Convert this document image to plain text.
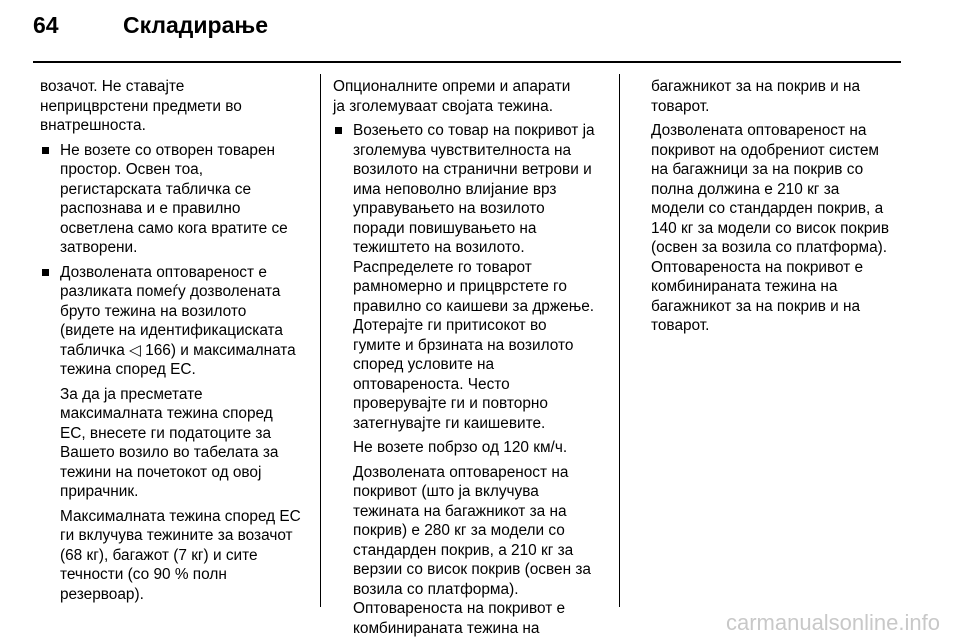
64	Складирање

возачот. Не ставајте
неприцврстени предмети во
внатрешноста.

Не возете со отворен товарен
простор. Освен тоа,
регистарската табличка се
распознава и е правилно
осветлена само кога вратите се
затворени.

Дозволената оптовареност е
разликата помеѓу дозволената
бруто тежина на возилото
(видете на идентификациската
табличка ◁ 166) и максималната
тежина според ЕС.

За да ја пресметате
максималната тежина според
ЕС, внесете ги податоците за
Вашето возило во табелата за
тежини на почетокот од овој
прирачник.

Максималната тежина според ЕС
ги вклучува тежините за возачот
(68 кг), багажот (7 кг) и сите
течности (со 90 % полн
резервоар).

Опционалните опреми и апарати
ја зголемуваат својата тежина.

Возењето со товар на покривот ја
зголемува чувствителноста на
возилото на странични ветрови и
има неповолно влијание врз
управувањето на возилото
поради повишувањето на
тежиштето на возилото.
Распределете го товарот
рамномерно и прицврстете го
правилно со каишеви за држење.
Дотерајте ги притисокот во
гумите и брзината на возилото
според условите на
оптовареноста. Често
проверувајте ги и повторно
затегнувајте ги каишевите.

Не возете побрзо од 120 км/ч.

Дозволената оптовареност на
покривот (што ја вклучува
тежината на багажникот за на
покрив) е 280 кг за модели со
стандарден покрив, а 210 кг за
верзии со висок покрив (освен за
возила со платформа).
Оптовареноста на покривот е
комбинираната тежина на

багажникот за на покрив и на
товарот.

Дозволената оптовареност на
покривот на одобрениот систем
на багажници за на покрив со
полна должина е 210 кг за
модели со стандарден покрив, а
140 кг за модели со висок покрив
(освен за возила со платформа).
Оптовареноста на покривот е
комбинираната тежина на
багажникот за на покрив и на
товарот.

carmanualsonline.info
